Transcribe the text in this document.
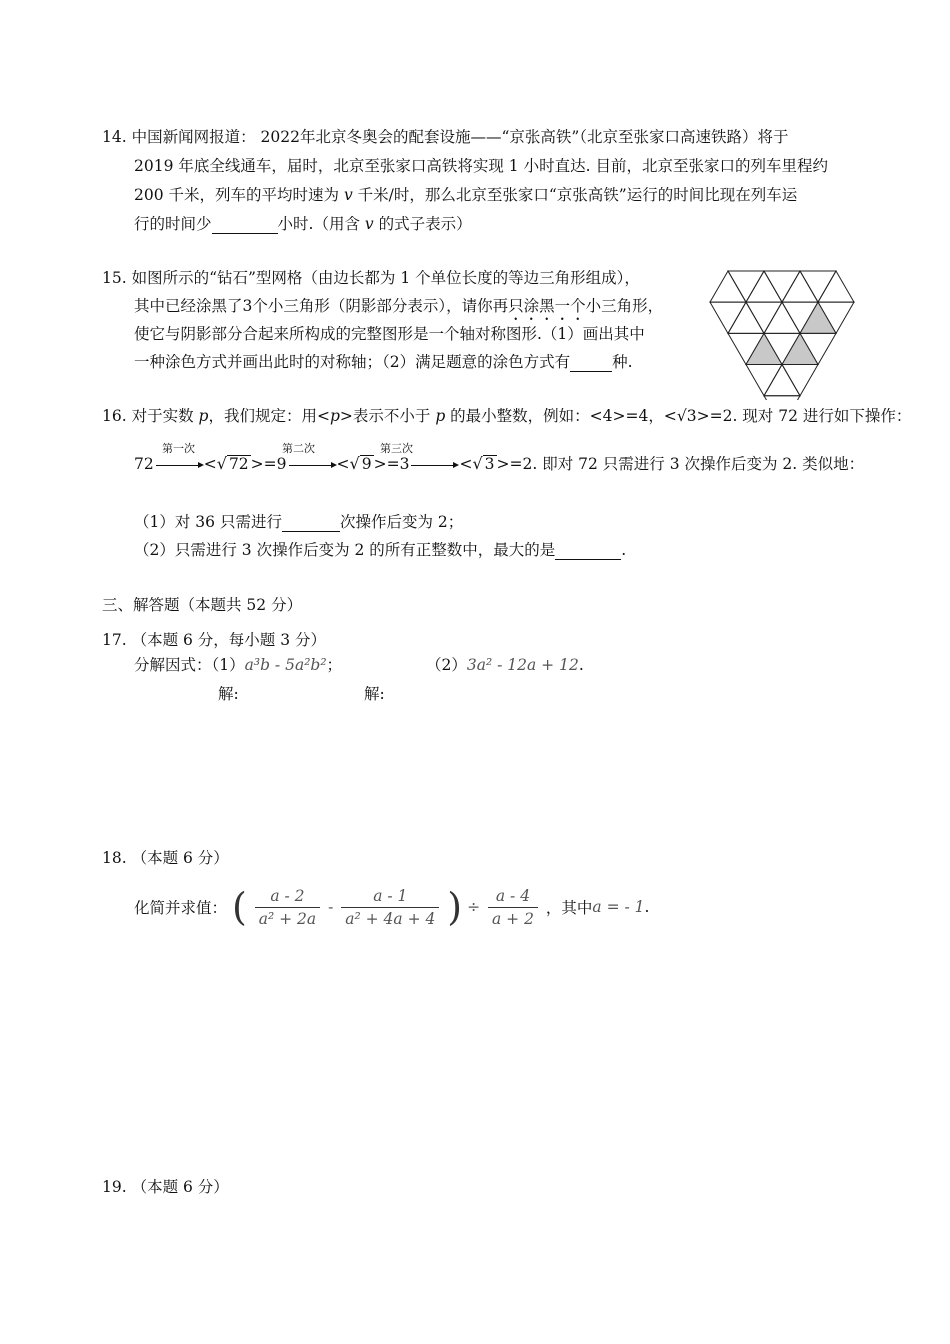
14. 中国新闻网报道： 2022年北京冬奥会的配套设施——“京张高铁”（北京至张家口高速铁路）将于
2019 年底全线通车，届时，北京至张家口高铁将实现 1 小时直达. 目前，北京至张家口的列车里程约
200 千米，列车的平均时速为 v 千米/时，那么北京至张家口“京张高铁”运行的时间比现在列车运
行的时间少	小时.（用含 v 的式子表示）
15. 如图所示的“钻石”型网格（由边长都为 1 个单位长度的等边三角形组成），
其中已经涂黑了3个小三角形（阴影部分表示），请你再只涂黑一个小三角形，
使它与阴影部分合起来所构成的完整图形是一个轴对称图形.（1）画出其中
一种涂色方式并画出此时的对称轴；（2）满足题意的涂色方式有	种.
16. 对于实数 p，我们规定：用<p>表示不小于 p 的最小整数，例如：<4>=4，<√3>=2. 现对 72 进行如下操作：
第一次	第二次	第三次
72	<√ 72 >=9	<√ 9 >=3	<√ 3 >=2. 即对 72 只需进行 3 次操作后变为 2. 类似地：
（1）对 36 只需进行	次操作后变为 2；
（2）只需进行 3 次操作后变为 2 的所有正整数中，最大的是	.
三、解答题（本题共 52 分）
17. （本题 6 分，每小题 3 分）
分解因式：（1）a³b - 5a²b²；	（2）3a² - 12a + 12.
解:	解:
18. （本题 6 分）
化简并求值： ( $\frac{a - 2}{\text{a² + 2a}} - \frac{a - 1}{\text{a² + 4a + 4}}$ ) ÷ $\frac{a - 4}{a + 2}$ ，其中a = - 1.
19. （本题 6 分）
